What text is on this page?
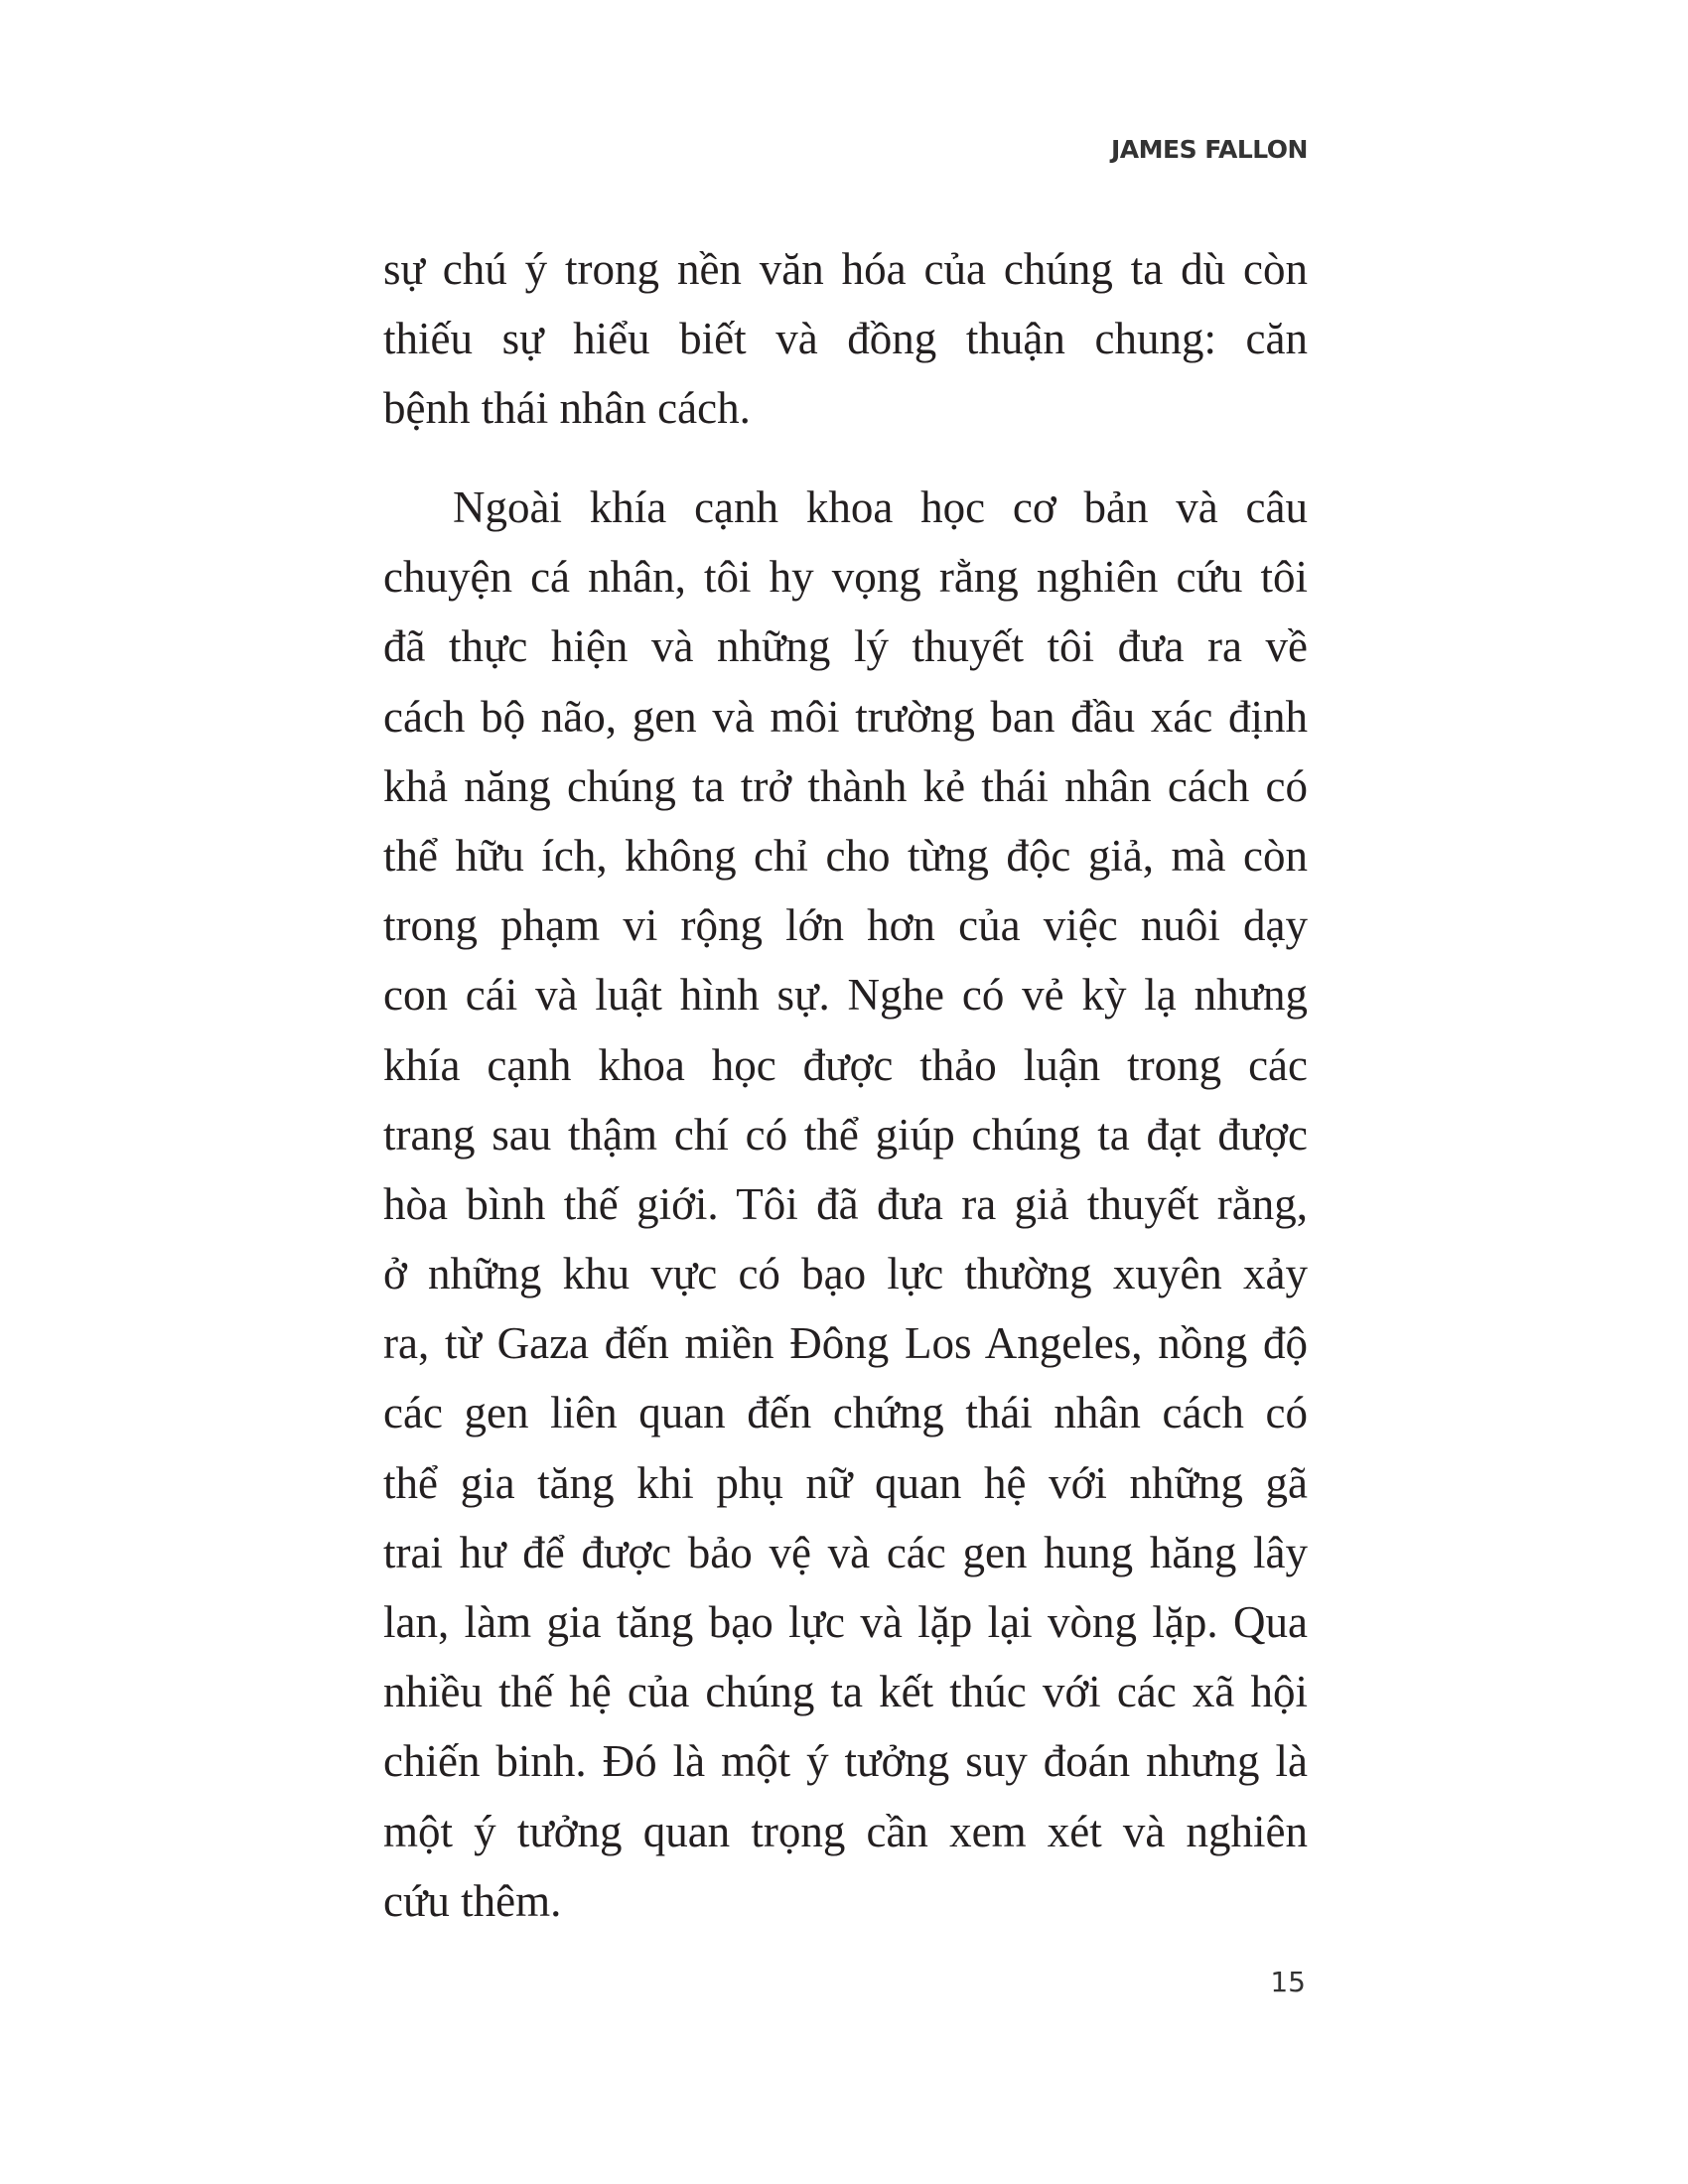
JAMES FALLON
sự chú ý trong nền văn hóa của chúng ta dù còn
thiếu sự hiểu biết và đồng thuận chung: căn
bệnh thái nhân cách.
Ngoài khía cạnh khoa học cơ bản và câu
chuyện cá nhân, tôi hy vọng rằng nghiên cứu tôi
đã thực hiện và những lý thuyết tôi đưa ra về
cách bộ não, gen và môi trường ban đầu xác định
khả năng chúng ta trở thành kẻ thái nhân cách có
thể hữu ích, không chỉ cho từng độc giả, mà còn
trong phạm vi rộng lớn hơn của việc nuôi dạy
con cái và luật hình sự. Nghe có vẻ kỳ lạ nhưng
khía cạnh khoa học được thảo luận trong các
trang sau thậm chí có thể giúp chúng ta đạt được
hòa bình thế giới. Tôi đã đưa ra giả thuyết rằng,
ở những khu vực có bạo lực thường xuyên xảy
ra, từ Gaza đến miền Đông Los Angeles, nồng độ
các gen liên quan đến chứng thái nhân cách có
thể gia tăng khi phụ nữ quan hệ với những gã
trai hư để được bảo vệ và các gen hung hăng lây
lan, làm gia tăng bạo lực và lặp lại vòng lặp. Qua
nhiều thế hệ của chúng ta kết thúc với các xã hội
chiến binh. Đó là một ý tưởng suy đoán nhưng là
một ý tưởng quan trọng cần xem xét và nghiên
cứu thêm.
15
